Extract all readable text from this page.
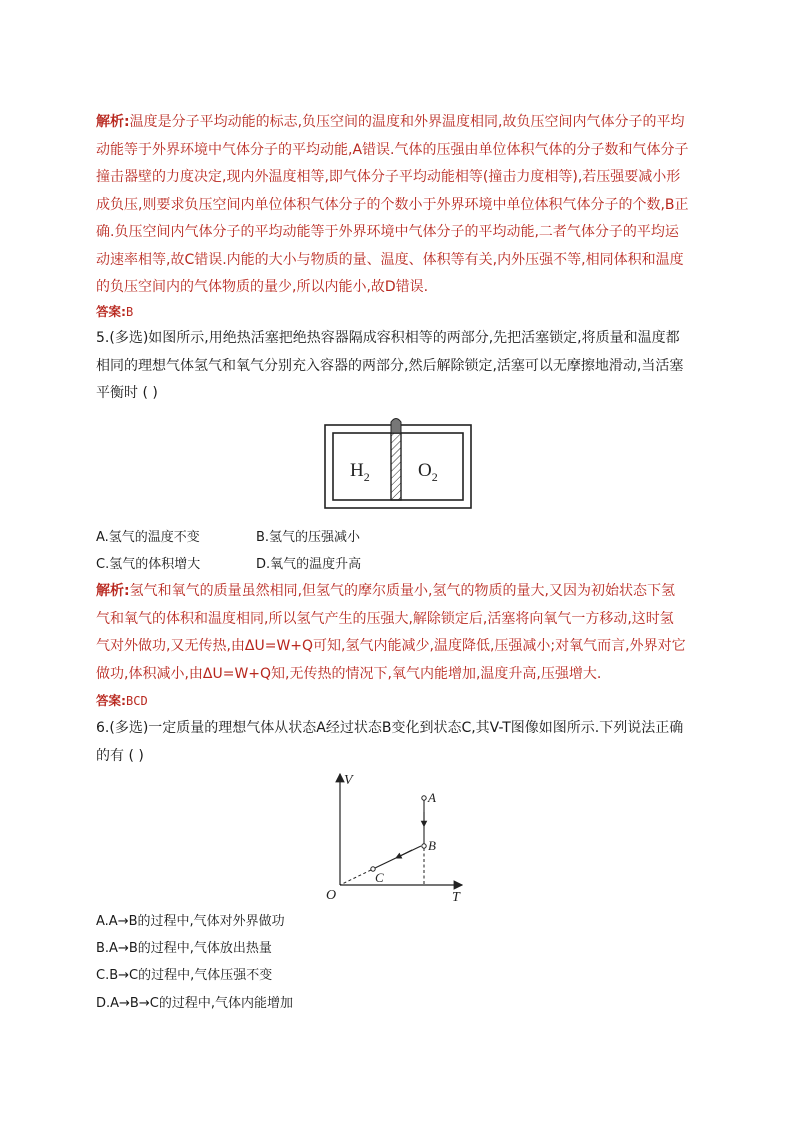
解析:温度是分子平均动能的标志,负压空间的温度和外界温度相同,故负压空间内气体分子的平均
动能等于外界环境中气体分子的平均动能,A错误.气体的压强由单位体积气体的分子数和气体分子
撞击器壁的力度决定,现内外温度相等,即气体分子平均动能相等(撞击力度相等),若压强要减小形
成负压,则要求负压空间内单位体积气体分子的个数小于外界环境中单位体积气体分子的个数,B正
确.负压空间内气体分子的平均动能等于外界环境中气体分子的平均动能,二者气体分子的平均运
动速率相等,故C错误.内能的大小与物质的量、温度、体积等有关,内外压强不等,相同体积和温度
的负压空间内的气体物质的量少,所以内能小,故D错误.
答案:B
5.(多选)如图所示,用绝热活塞把绝热容器隔成容积相等的两部分,先把活塞锁定,将质量和温度都
相同的理想气体氢气和氧气分别充入容器的两部分,然后解除锁定,活塞可以无摩擦地滑动,当活塞
平衡时 ( )
$H_2$	$O_2$
A.氢气的温度不变	B.氢气的压强减小
C.氢气的体积增大	D.氧气的温度升高
解析:氢气和氧气的质量虽然相同,但氢气的摩尔质量小,氢气的物质的量大,又因为初始状态下氢
气和氧气的体积和温度相同,所以氢气产生的压强大,解除锁定后,活塞将向氧气一方移动,这时氢
气对外做功,又无传热,由ΔU=W+Q可知,氢气内能减少,温度降低,压强减小;对氧气而言,外界对它
做功,体积减小,由ΔU=W+Q知,无传热的情况下,氧气内能增加,温度升高,压强增大.
答案:BCD
6.(多选)一定质量的理想气体从状态A经过状态B变化到状态C,其V-T图像如图所示.下列说法正确
的有 ( )
V
T
O
A
B
C
A.A→B的过程中,气体对外界做功
B.A→B的过程中,气体放出热量
C.B→C的过程中,气体压强不变
D.A→B→C的过程中,气体内能增加
